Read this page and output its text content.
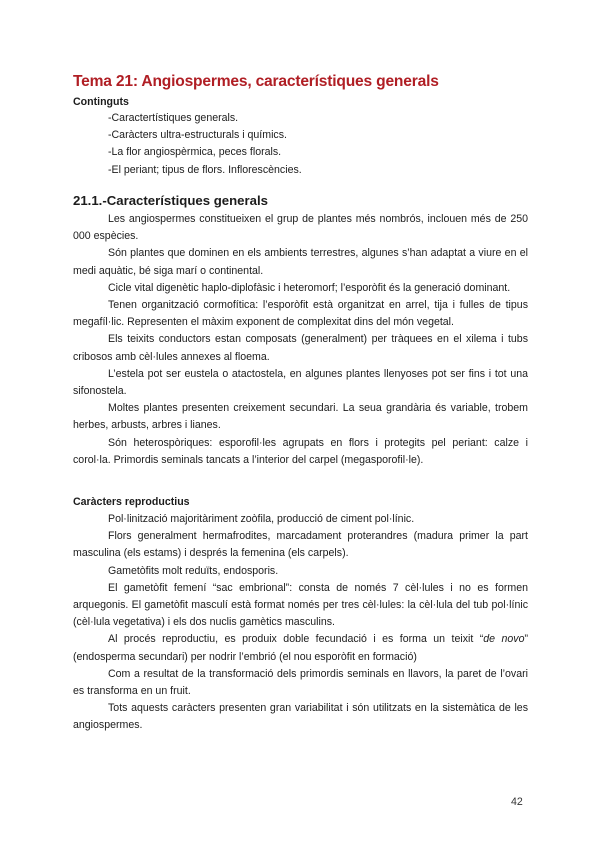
Tema 21: Angiospermes, característiques generals
Continguts
-Caractertístiques generals.
-Caràcters ultra-estructurals i químics.
-La flor angiospèrmica, peces florals.
-El periant; tipus de flors. Inflorescències.
21.1.-Característiques generals

Les angiospermes constitueixen el grup de plantes més nombrós, inclouen més de 250 000 espècies.

Són plantes que dominen en els ambients terrestres, algunes s’han adaptat a viure en el medi aquàtic, bé siga marí o continental.

Cicle vital digenètic haplo-diplofàsic i heteromorf; l’esporòfit és la generació dominant.

Tenen organització cormofítica: l’esporòfit està organitzat en arrel, tija i fulles de tipus megafíl·lic. Representen el màxim exponent de complexitat dins del món vegetal.

Els teixits conductors estan composats (generalment) per tràquees en el xilema i tubs cribosos amb cèl·lules annexes al floema.

L’estela pot ser eustela o atactostela, en algunes plantes llenyoses pot ser fins i tot una sifonostela.

Moltes plantes presenten creixement secundari. La seua grandària és variable, trobem herbes, arbusts, arbres i lianes.

Són heterospòriques: esporofil·les agrupats en flors i protegits pel periant: calze i corol·la. Primordis seminals tancats a l’interior del carpel (megasporofil·le).

Caràcters reproductius

Pol·linització majoritàriment zoòfila, producció de ciment pol·línic.

Flors generalment hermafrodites, marcadament proterandres (madura primer la part masculina (els estams) i després la femenina (els carpels).

Gametòfits molt reduïts, endosporis.

El gametòfit femení “sac embrional”: consta de només 7 cèl·lules i no es formen arquegonis. El gametòfit masculí està format només per tres cèl·lules: la cèl·lula del tub pol·línic (cèl·lula vegetativa) i els dos nuclis gamètics masculins.

Al procés reproductiu, es produix doble fecundació i es forma un teixit “de novo” (endosperma secundari) per nodrir l’embrió (el nou esporòfit en formació)

Com a resultat de la transformació dels primordis seminals en llavors, la paret de l’ovari es transforma en un fruit.

Tots aquests caràcters presenten gran variabilitat i són utilitzats en la sistemàtica de les angiospermes.

42
